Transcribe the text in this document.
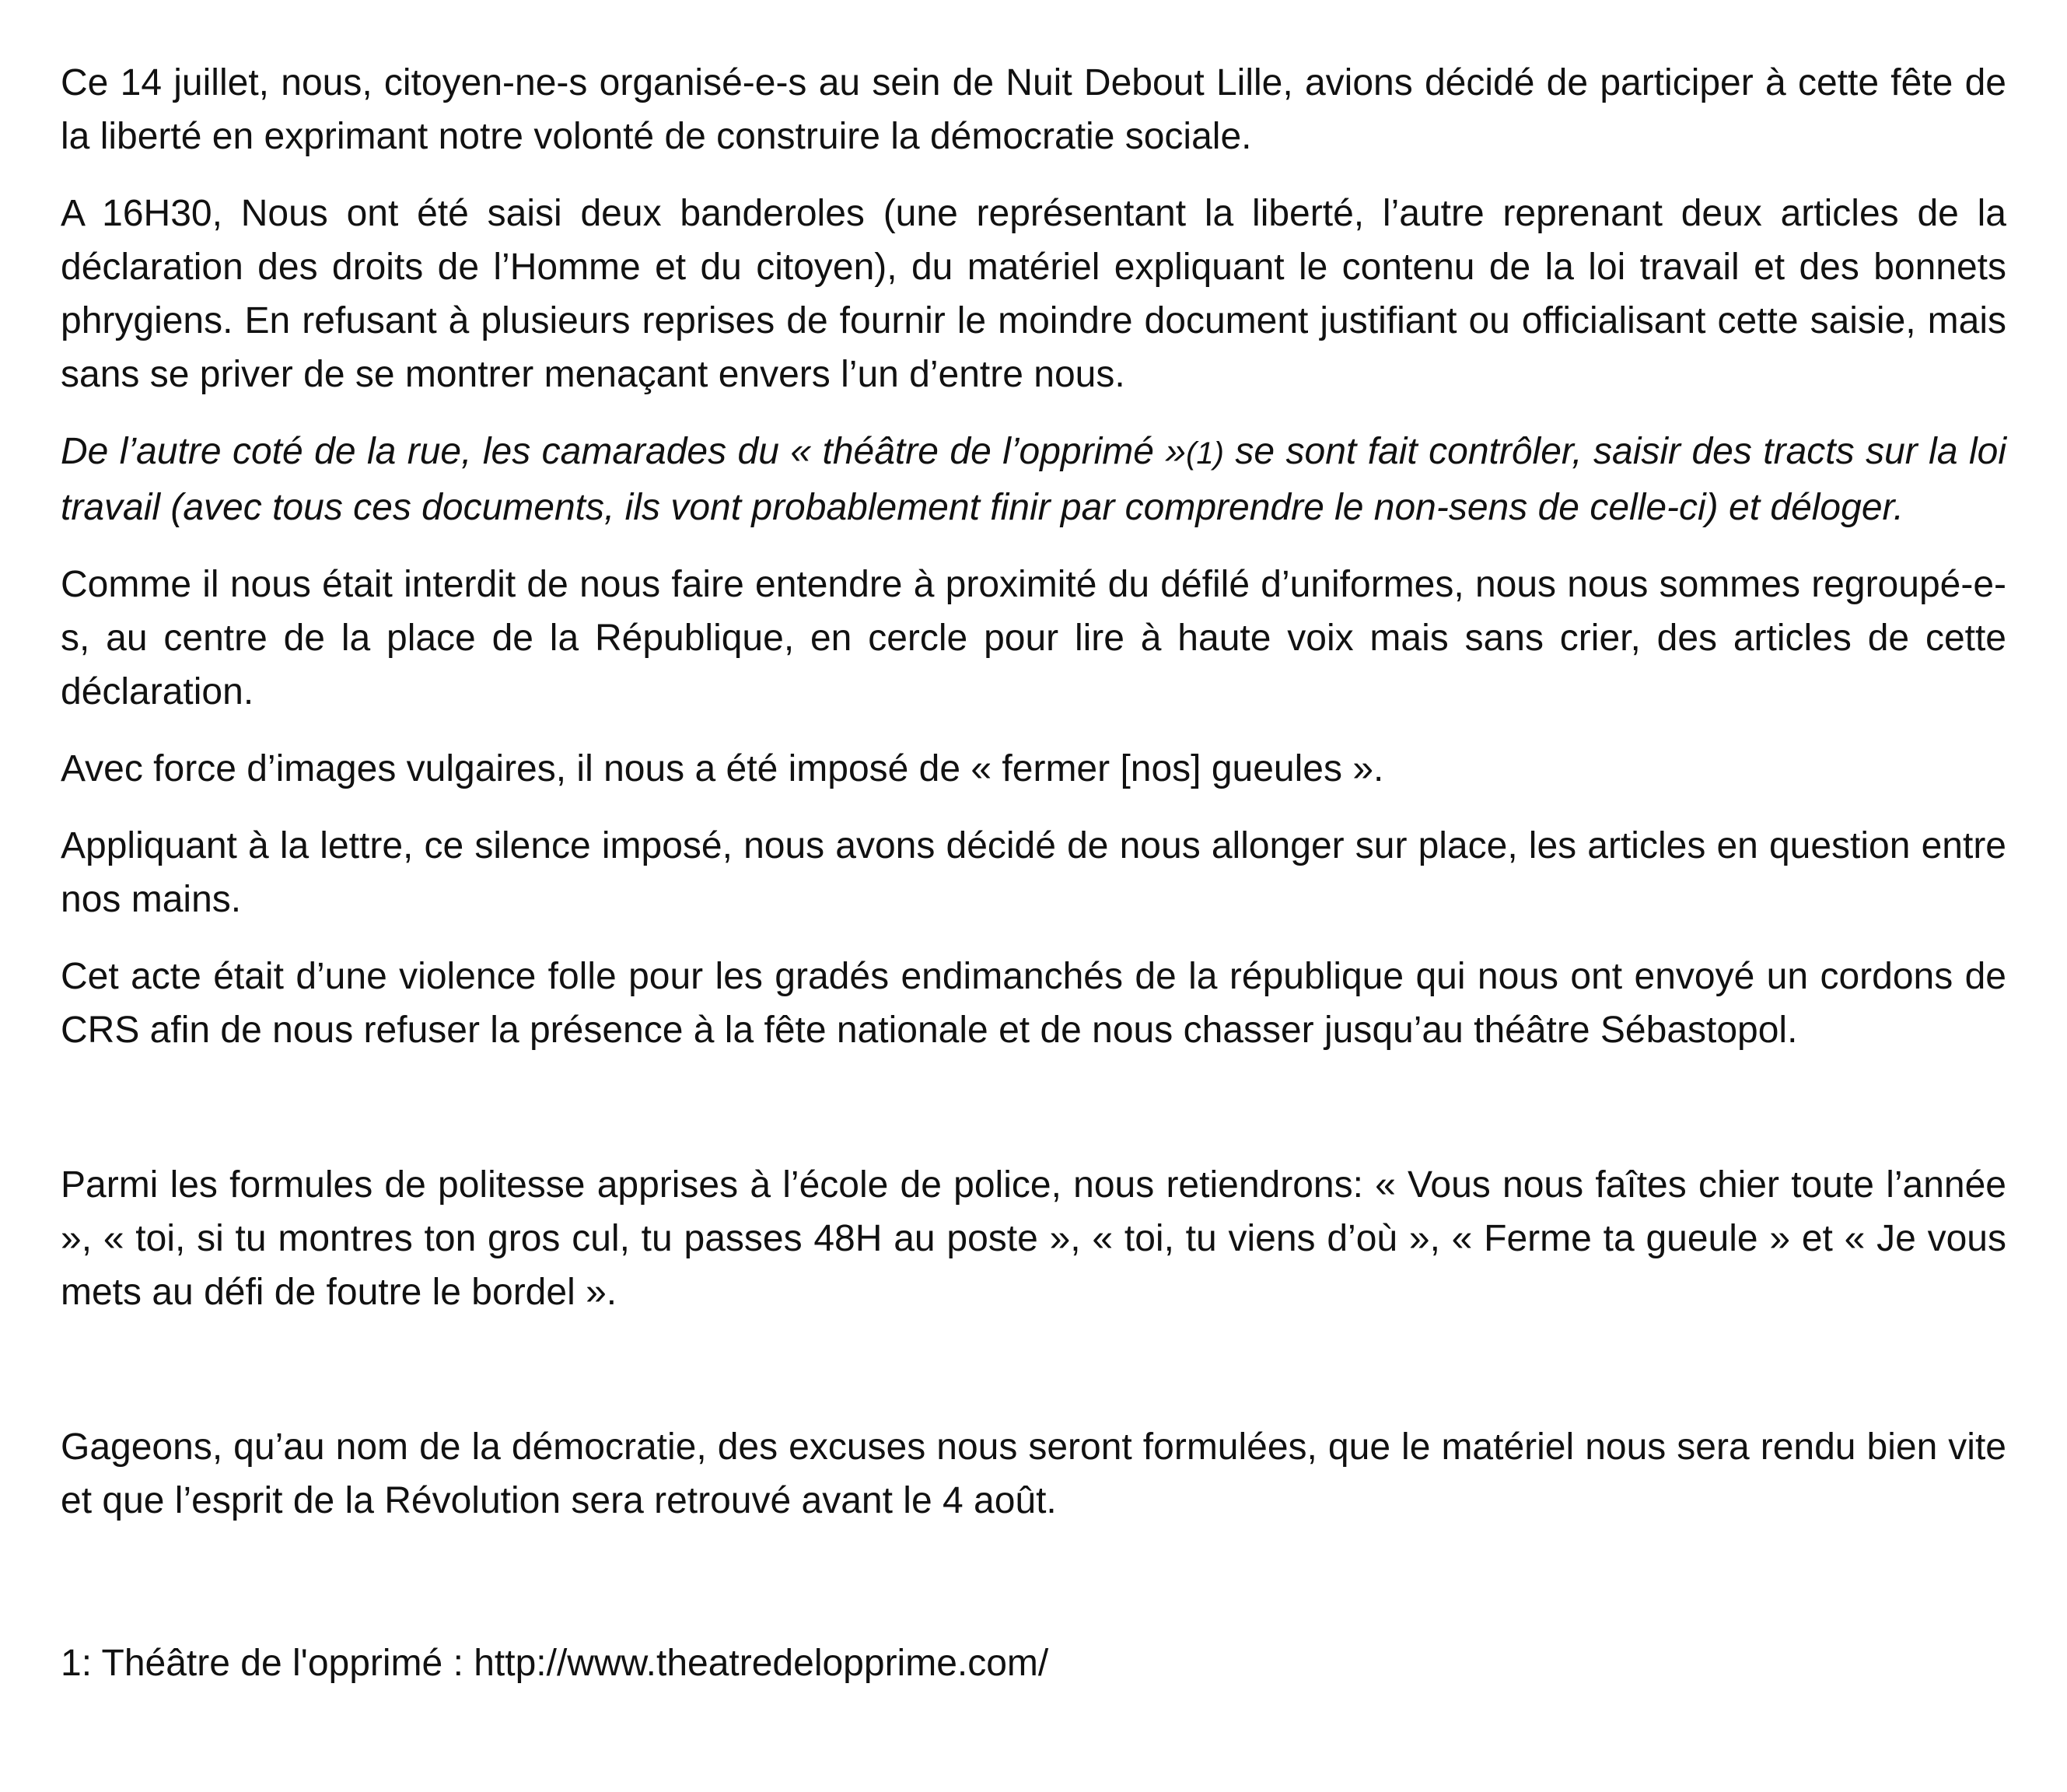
Ce 14 juillet, nous, citoyen-ne-s organisé-e-s au sein de Nuit Debout Lille, avions décidé de participer à cette fête de la liberté en exprimant notre volonté de construire la démocratie sociale.

A 16H30, Nous ont été saisi deux banderoles (une représentant la liberté, l’autre reprenant deux articles de la déclaration des droits de l’Homme et du citoyen), du matériel expliquant le contenu de la loi travail et des bonnets phrygiens. En refusant à plusieurs reprises de fournir le moindre document justifiant ou officialisant cette saisie, mais sans se priver de se montrer menaçant envers l’un d’entre nous.

De l’autre coté de la rue, les camarades du « théâtre de l’opprimé »(1) se sont fait contrôler, saisir des tracts sur la loi travail (avec tous ces documents, ils vont probablement finir par comprendre le non-sens de celle-ci) et déloger.

Comme il nous était interdit de nous faire entendre à proximité du défilé d’uniformes, nous nous sommes regroupé-e-s, au centre de la place de la République, en cercle pour lire à haute voix mais sans crier, des articles de cette déclaration.

Avec force d’images vulgaires, il nous a été imposé de « fermer [nos] gueules ».

Appliquant à la lettre, ce silence imposé, nous avons décidé de nous allonger sur place, les articles en question entre nos mains.

Cet acte était d’une violence folle pour les gradés endimanchés de la république qui nous ont envoyé un cordons de CRS afin de nous refuser la présence à la fête nationale et de nous chasser jusqu’au théâtre Sébastopol.

Parmi les formules de politesse apprises à l’école de police, nous retiendrons: « Vous nous faîtes chier toute l’année », « toi, si tu montres ton gros cul, tu passes 48H au poste », « toi, tu viens d’où », « Ferme ta gueule » et « Je vous mets au défi de foutre le bordel ».

Gageons, qu’au nom de la démocratie, des excuses nous seront formulées, que le matériel nous sera rendu bien vite et que l’esprit de la Révolution sera retrouvé avant le 4 août.

1: Théâtre de l'opprimé : http://www.theatredelopprime.com/
